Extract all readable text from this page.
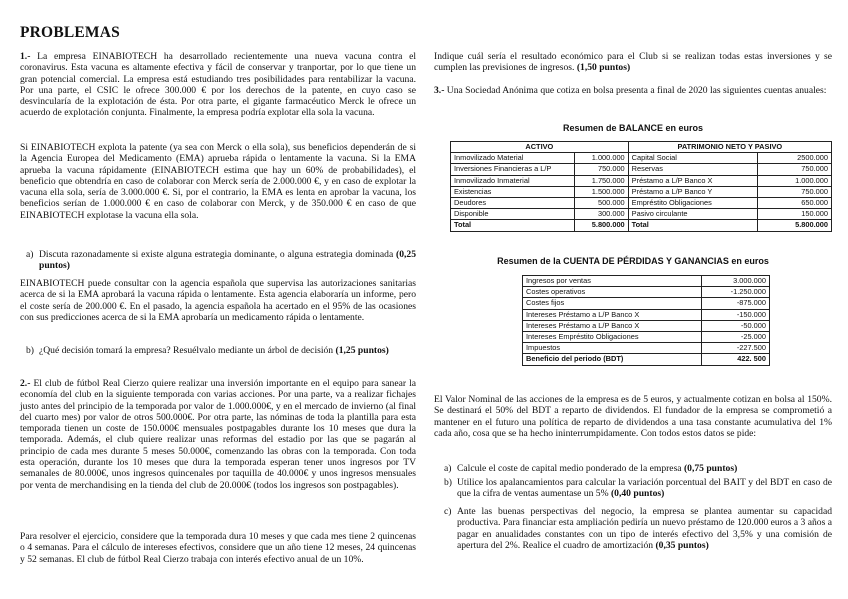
PROBLEMAS

1.- La empresa EINABIOTECH ha desarrollado recientemente una nueva vacuna contra el coronavirus. Esta vacuna es altamente efectiva y fácil de conservar y tranportar, por lo que tiene un gran potencial comercial. La empresa está estudiando tres posibilidades para rentabilizar la vacuna. Por una parte, el CSIC le ofrece 300.000 € por los derechos de la patente, en cuyo caso se desvincularía de la explotación de ésta. Por otra parte, el gigante farmacéutico Merck le ofrece un acuerdo de explotación conjunta. Finalmente, la empresa podría explotar ella sola la vacuna.

Si EINABIOTECH explota la patente (ya sea con Merck o ella sola), sus beneficios dependerán de si la Agencia Europea del Medicamento (EMA) aprueba rápida o lentamente la vacuna. Si la EMA aprueba la vacuna rápidamente (EINABIOTECH estima que hay un 60% de probabilidades), el beneficio que obtendría en caso de colaborar con Merck sería de 2.000.000 €, y en caso de explotar la vacuna ella sola, sería de 3.000.000 €. Si, por el contrario, la EMA es lenta en aprobar la vacuna, los beneficios serían de 1.000.000 € en caso de colaborar con Merck, y de 350.000 € en caso de que EINABIOTECH explotase la vacuna ella sola.

a) Discuta razonadamente si existe alguna estrategia dominante, o alguna estrategia dominada (0,25 puntos)

EINABIOTECH puede consultar con la agencia española que supervisa las autorizaciones sanitarias acerca de si la EMA aprobará la vacuna rápida o lentamente. Esta agencia elaboraría un informe, pero el coste sería de 200.000 €. En el pasado, la agencia española ha acertado en el 95% de las ocasiones con sus predicciones acerca de si la EMA aprobaría un medicamento rápida o lentamente.

b) ¿Qué decisión tomará la empresa? Resuélvalo mediante un árbol de decisión (1,25 puntos)

2.- El club de fútbol Real Cierzo quiere realizar una inversión importante en el equipo para sanear la economía del club en la siguiente temporada con varias acciones. Por una parte, va a realizar fichajes justo antes del principio de la temporada por valor de 1.000.000€, y en el mercado de invierno (al final del cuarto mes) por valor de otros 500.000€. Por otra parte, las nóminas de toda la plantilla para esta temporada tienen un coste de 150.000€ mensuales postpagables durante los 10 meses que dura la temporada. Además, el club quiere realizar unas reformas del estadio por las que se pagarán al principio de cada mes durante 5 meses 50.000€, comenzando las obras con la temporada. Con toda esta operación, durante los 10 meses que dura la temporada esperan tener unos ingresos por TV semanales de 80.000€, unos ingresos quincenales por taquilla de 40.000€ y unos ingresos mensuales por venta de merchandising en la tienda del club de 20.000€ (todos los ingresos son postpagables).

Para resolver el ejercicio, considere que la temporada dura 10 meses y que cada mes tiene 2 quincenas o 4 semanas. Para el cálculo de intereses efectivos, considere que un año tiene 12 meses, 24 quincenas y 52 semanas. El club de fútbol Real Cierzo trabaja con interés efectivo anual de un 10%.

Indique cuál sería el resultado económico para el Club si se realizan todas estas inversiones y se cumplen las previsiones de ingresos. (1,50 puntos)

3.- Una Sociedad Anónima que cotiza en bolsa presenta a final de 2020 las siguientes cuentas anuales:

Resumen de BALANCE en euros
ACTIVO		PATRIMONIO NETO Y PASIVO	
Inmovilizado Material	1.000.000	Capital Social	2500.000
Inversiones Financieras a L/P	750.000	Reservas	750.000
Inmovilizado Inmaterial	1.750.000	Préstamo a L/P Banco X	1.000.000
Existencias	1.500.000	Préstamo a L/P Banco Y	750.000
Deudores	500.000	Empréstito Obligaciones	650.000
Disponible	300.000	Pasivo circulante	150.000
Total	5.800.000	Total	5.800.000
Resumen de la CUENTA DE PÉRDIDAS Y GANANCIAS en euros
Ingresos por ventas	3.000.000
Costes operativos	-1.250.000
Costes fijos	-875.000
Intereses Préstamo a L/P Banco X	-150.000
Intereses Préstamo a L/P Banco X	-50.000
Intereses Empréstito Obligaciones	-25.000
Impuestos	-227.500
Beneficio del periodo (BDT)	422. 500

El Valor Nominal de las acciones de la empresa es de 5 euros, y actualmente cotizan en bolsa al 150%. Se destinará el 50% del BDT a reparto de dividendos. El fundador de la empresa se comprometió a mantener en el futuro una política de reparto de dividendos a una tasa constante acumulativa del 1% cada año, cosa que se ha hecho ininterrumpidamente. Con todos estos datos se pide:

a) Calcule el coste de capital medio ponderado de la empresa (0,75 puntos)
b) Utilice los apalancamientos para calcular la variación porcentual del BAIT y del BDT en caso de que la cifra de ventas aumentase un 5% (0,40 puntos)
c) Ante las buenas perspectivas del negocio, la empresa se plantea aumentar su capacidad productiva. Para financiar esta ampliación pediría un nuevo préstamo de 120.000 euros a 3 años a pagar en anualidades constantes con un tipo de interés efectivo del 3,5% y una comisión de apertura del 2%. Realice el cuadro de amortización (0,35 puntos)
